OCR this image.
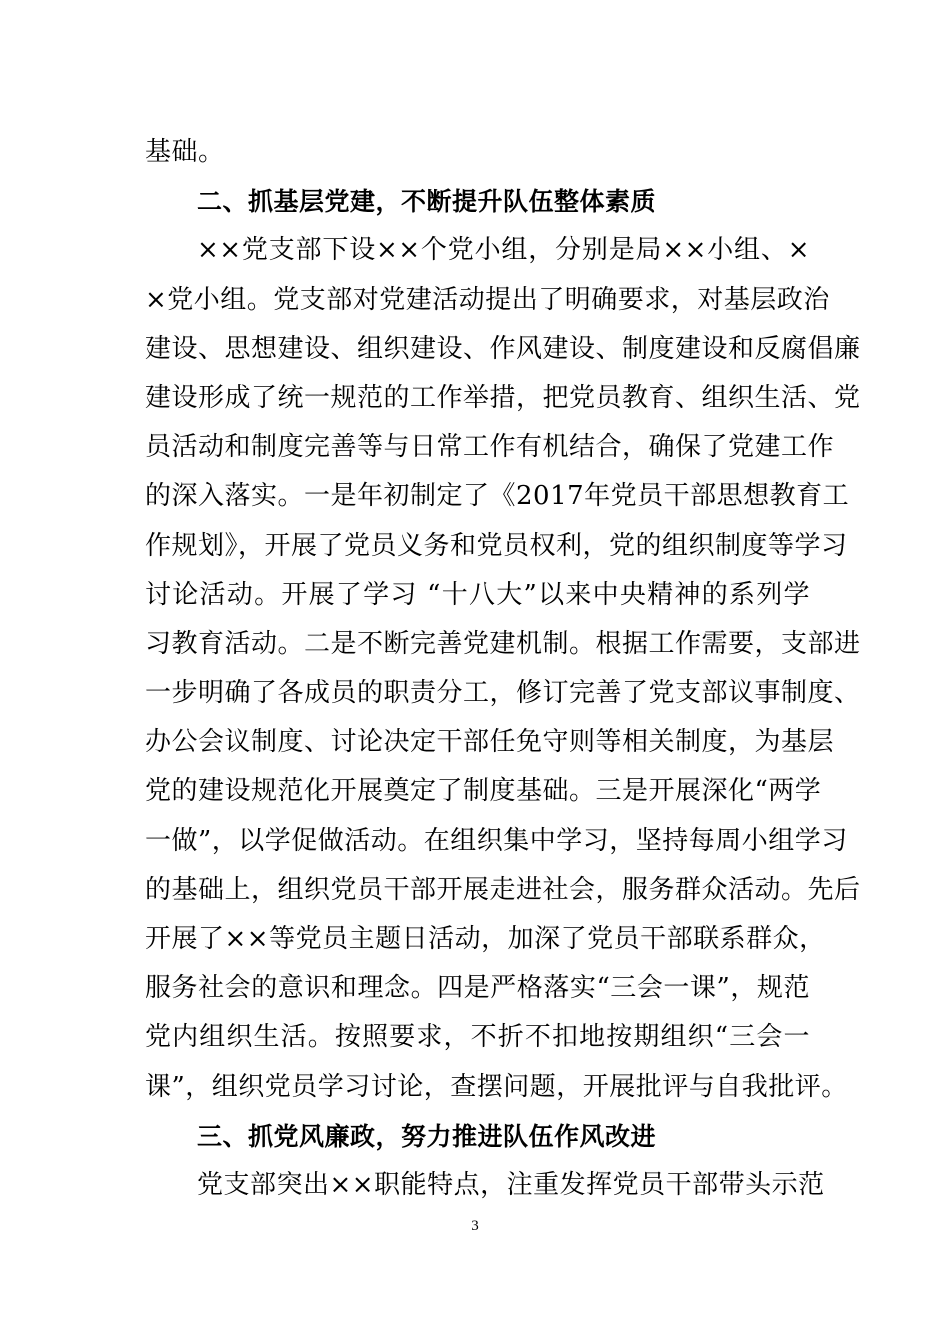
基础。
二、抓基层党建，不断提升队伍整体素质
××党支部下设××个党小组，分别是局××小组、×
×党小组。党支部对党建活动提出了明确要求，对基层政治
建设、思想建设、组织建设、作风建设、制度建设和反腐倡廉
建设形成了统一规范的工作举措，把党员教育、组织生活、党
员活动和制度完善等与日常工作有机结合，确保了党建工作
的深入落实。一是年初制定了《2017年党员干部思想教育工
作规划》，开展了党员义务和党员权利，党的组织制度等学习
讨论活动。开展了学习 “十八大”以来中央精神的系列学
习教育活动。二是不断完善党建机制。根据工作需要，支部进
一步明确了各成员的职责分工，修订完善了党支部议事制度、
办公会议制度、讨论决定干部任免守则等相关制度，为基层
党的建设规范化开展奠定了制度基础。三是开展深化“两学
一做”，以学促做活动。在组织集中学习，坚持每周小组学习
的基础上，组织党员干部开展走进社会，服务群众活动。先后
开展了××等党员主题日活动，加深了党员干部联系群众，
服务社会的意识和理念。四是严格落实“三会一课”，规范
党内组织生活。按照要求，不折不扣地按期组织“三会一
课”，组织党员学习讨论，查摆问题，开展批评与自我批评。
三、抓党风廉政，努力推进队伍作风改进
党支部突出××职能特点，注重发挥党员干部带头示范
3
